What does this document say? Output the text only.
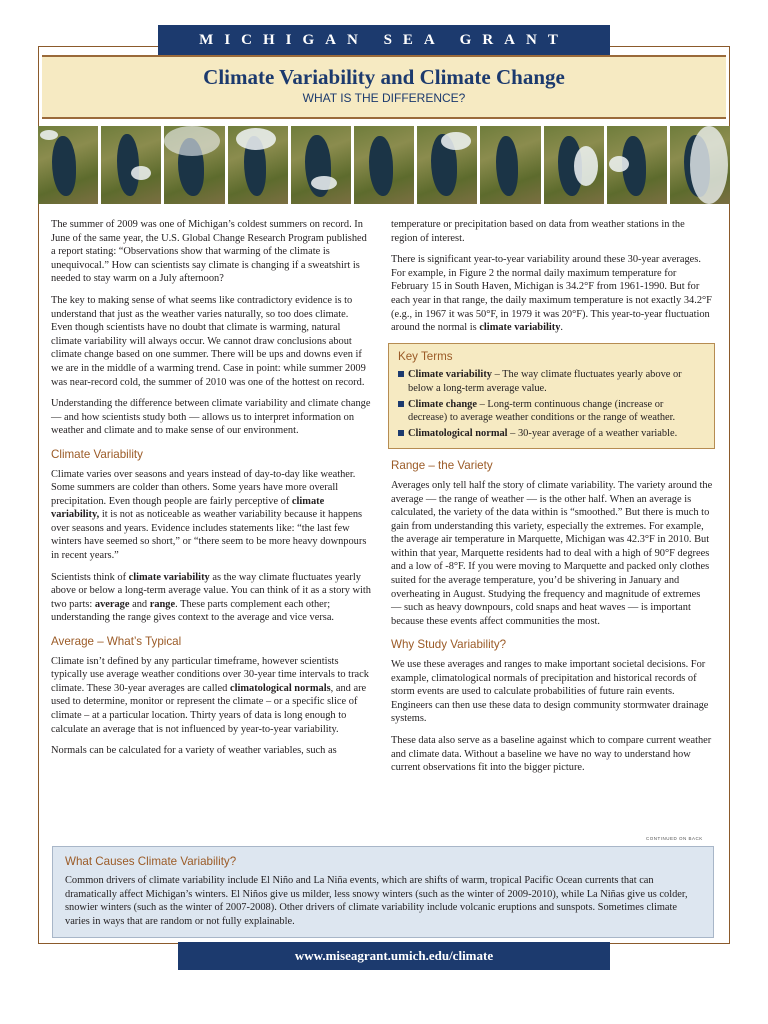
MICHIGAN SEA GRANT
Climate Variability and Climate Change
WHAT IS THE DIFFERENCE?

The summer of 2009 was one of Michigan’s coldest summers on record. In June of the same year, the U.S. Global Change Research Program published a report stating: “Observations show that warming of the climate is unequivocal.” How can scientists say climate is changing if a sweatshirt is needed to stay warm on a July afternoon?

The key to making sense of what seems like contradictory evidence is to understand that just as the weather varies naturally, so too does climate. Even though scientists have no doubt that climate is warming, natural climate variability will always occur. We cannot draw conclusions about climate change based on one summer. There will be ups and downs even if we are in the middle of a warming trend. Case in point: while summer 2009 was near-record cold, the summer of 2010 was one of the hottest on record.

Understanding the difference between climate variability and climate change — and how scientists study both — allows us to interpret information on weather and climate and to make sense of our environment.

Climate Variability

Climate varies over seasons and years instead of day-to-day like weather. Some summers are colder than others. Some years have more overall precipitation. Even though people are fairly perceptive of climate variability, it is not as noticeable as weather variability because it happens over seasons and years. Evidence includes statements like: “the last few winters have seemed so short,” or “there seem to be more heavy downpours in recent years.”

Scientists think of climate variability as the way climate fluctuates yearly above or below a long-term average value. You can think of it as a story with two parts: average and range. These parts complement each other; understanding the range gives context to the average and vice versa.

Average – What’s Typical

Climate isn’t defined by any particular timeframe, however scientists typically use average weather conditions over 30-year time intervals to track climate. These 30-year averages are called climatological normals, and are used to determine, monitor or represent the climate – or a specific slice of climate – at a particular location. Thirty years of data is long enough to calculate an average that is not influenced by year-to-year variability.

Normals can be calculated for a variety of weather variables, such as

temperature or precipitation based on data from weather stations in the region of interest.

There is significant year-to-year variability around these 30-year averages. For example, in Figure 2 the normal daily maximum temperature for February 15 in South Haven, Michigan is 34.2°F from 1961-1990. But for each year in that range, the daily maximum temperature is not exactly 34.2°F (e.g., in 1967 it was 50°F, in 1979 it was 20°F). This year-to-year fluctuation around the normal is climate variability.

Key Terms
Climate variability – The way climate fluctuates yearly above or below a long-term average value.
Climate change – Long-term continuous change (increase or decrease) to average weather conditions or the range of weather.
Climatological normal – 30-year average of a weather variable.
Range – the Variety

Averages only tell half the story of climate variability. The variety around the average — the range of weather — is the other half. When an average is calculated, the variety of the data within is “smoothed.” But there is much to gain from understanding this variety, especially the extremes. For example, the average air temperature in Marquette, Michigan was 42.3°F in 2010. But within that year, Marquette residents had to deal with a high of 90°F degrees and a low of -8°F. If you were moving to Marquette and packed only clothes suited for the average temperature, you’d be shivering in January and overheating in August. Studying the frequency and magnitude of extremes — such as heavy downpours, cold snaps and heat waves — is important because these events affect communities the most.

Why Study Variability?

We use these averages and ranges to make important societal decisions. For example, climatological normals of precipitation and historical records of storm events are used to calculate probabilities of future rain events. Engineers can then use these data to design community stormwater drainage systems.

These data also serve as a baseline against which to compare current weather and climate data. Without a baseline we have no way to understand how current observations fit into the bigger picture.

CONTINUED ON BACK
What Causes Climate Variability?

Common drivers of climate variability include El Niño and La Niña events, which are shifts of warm, tropical Pacific Ocean currents that can dramatically affect Michigan’s winters. El Niños give us milder, less snowy winters (such as the winter of 2009-2010), while La Niñas give us colder, snowier winters (such as the winter of 2007-2008). Other drivers of climate variability include volcanic eruptions and sunspots. Sometimes climate varies in ways that are random or not fully explainable.

www.miseagrant.umich.edu/climate
